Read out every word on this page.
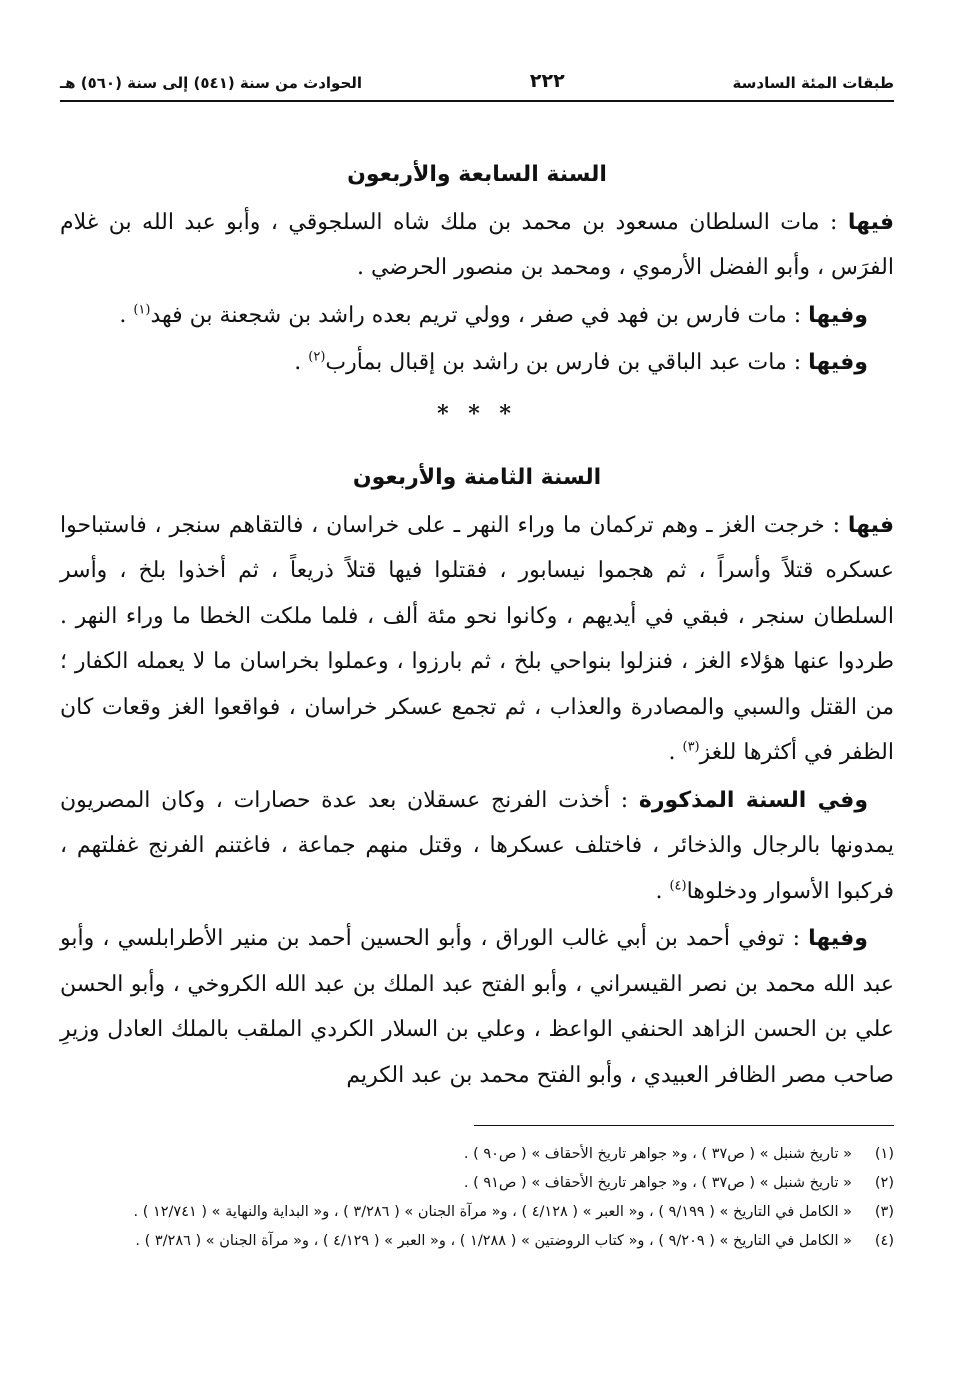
طبقات المئة السادسة
٢٢٢
الحوادث من سنة (٥٤١) إلى سنة (٥٦٠) هـ
السنة السابعة والأربعون

فيها : مات السلطان مسعود بن محمد بن ملك شاه السلجوقي ، وأبو عبد الله بن غلام الفرَس ، وأبو الفضل الأرموي ، ومحمد بن منصور الحرضي .

وفيها : مات فارس بن فهد في صفر ، وولي تريم بعده راشد بن شجعنة بن فهد$^{(١)}$ .

وفيها : مات عبد الباقي بن فارس بن راشد بن إقبال بمأرب$^{(٢)}$ .

* * *
السنة الثامنة والأربعون

فيها : خرجت الغز ـ وهم تركمان ما وراء النهر ـ على خراسان ، فالتقاهم سنجر ، فاستباحوا عسكره قتلاً وأسراً ، ثم هجموا نيسابور ، فقتلوا فيها قتلاً ذريعاً ، ثم أخذوا بلخ ، وأسر السلطان سنجر ، فبقي في أيديهم ، وكانوا نحو مئة ألف ، فلما ملكت الخطا ما وراء النهر . طردوا عنها هؤلاء الغز ، فنزلوا بنواحي بلخ ، ثم بارزوا ، وعملوا بخراسان ما لا يعمله الكفار ؛ من القتل والسبي والمصادرة والعذاب ، ثم تجمع عسكر خراسان ، فواقعوا الغز وقعات كان الظفر في أكثرها للغز$^{(٣)}$ .

وفي السنة المذكورة : أخذت الفرنج عسقلان بعد عدة حصارات ، وكان المصريون يمدونها بالرجال والذخائر ، فاختلف عسكرها ، وقتل منهم جماعة ، فاغتنم الفرنج غفلتهم ، فركبوا الأسوار ودخلوها$^{(٤)}$ .

وفيها : توفي أحمد بن أبي غالب الوراق ، وأبو الحسين أحمد بن منير الأطرابلسي ، وأبو عبد الله محمد بن نصر القيسراني ، وأبو الفتح عبد الملك بن عبد الله الكروخي ، وأبو الحسن علي بن الحسن الزاهد الحنفي الواعظ ، وعلي بن السلار الكردي الملقب بالملك العادل وزيرِ صاحب مصر الظافر العبيدي ، وأبو الفتح محمد بن عبد الكريم

(١)
« تاريخ شنبل » ( ص٣٧ ) ، و« جواهر تاريخ الأحقاف » ( ص٩٠ ) .
(٢)
« تاريخ شنبل » ( ص٣٧ ) ، و« جواهر تاريخ الأحقاف » ( ص٩١ ) .
(٣)
« الكامل في التاريخ » ( ٩/١٩٩ ) ، و« العبر » ( ٤/١٢٨ ) ، و« مرآة الجنان » ( ٣/٢٨٦ ) ، و« البداية والنهاية » ( ١٢/٧٤١ ) .
(٤)
« الكامل في التاريخ » ( ٩/٢٠٩ ) ، و« كتاب الروضتين » ( ١/٢٨٨ ) ، و« العبر » ( ٤/١٢٩ ) ، و« مرآة الجنان » ( ٣/٢٨٦ ) .
